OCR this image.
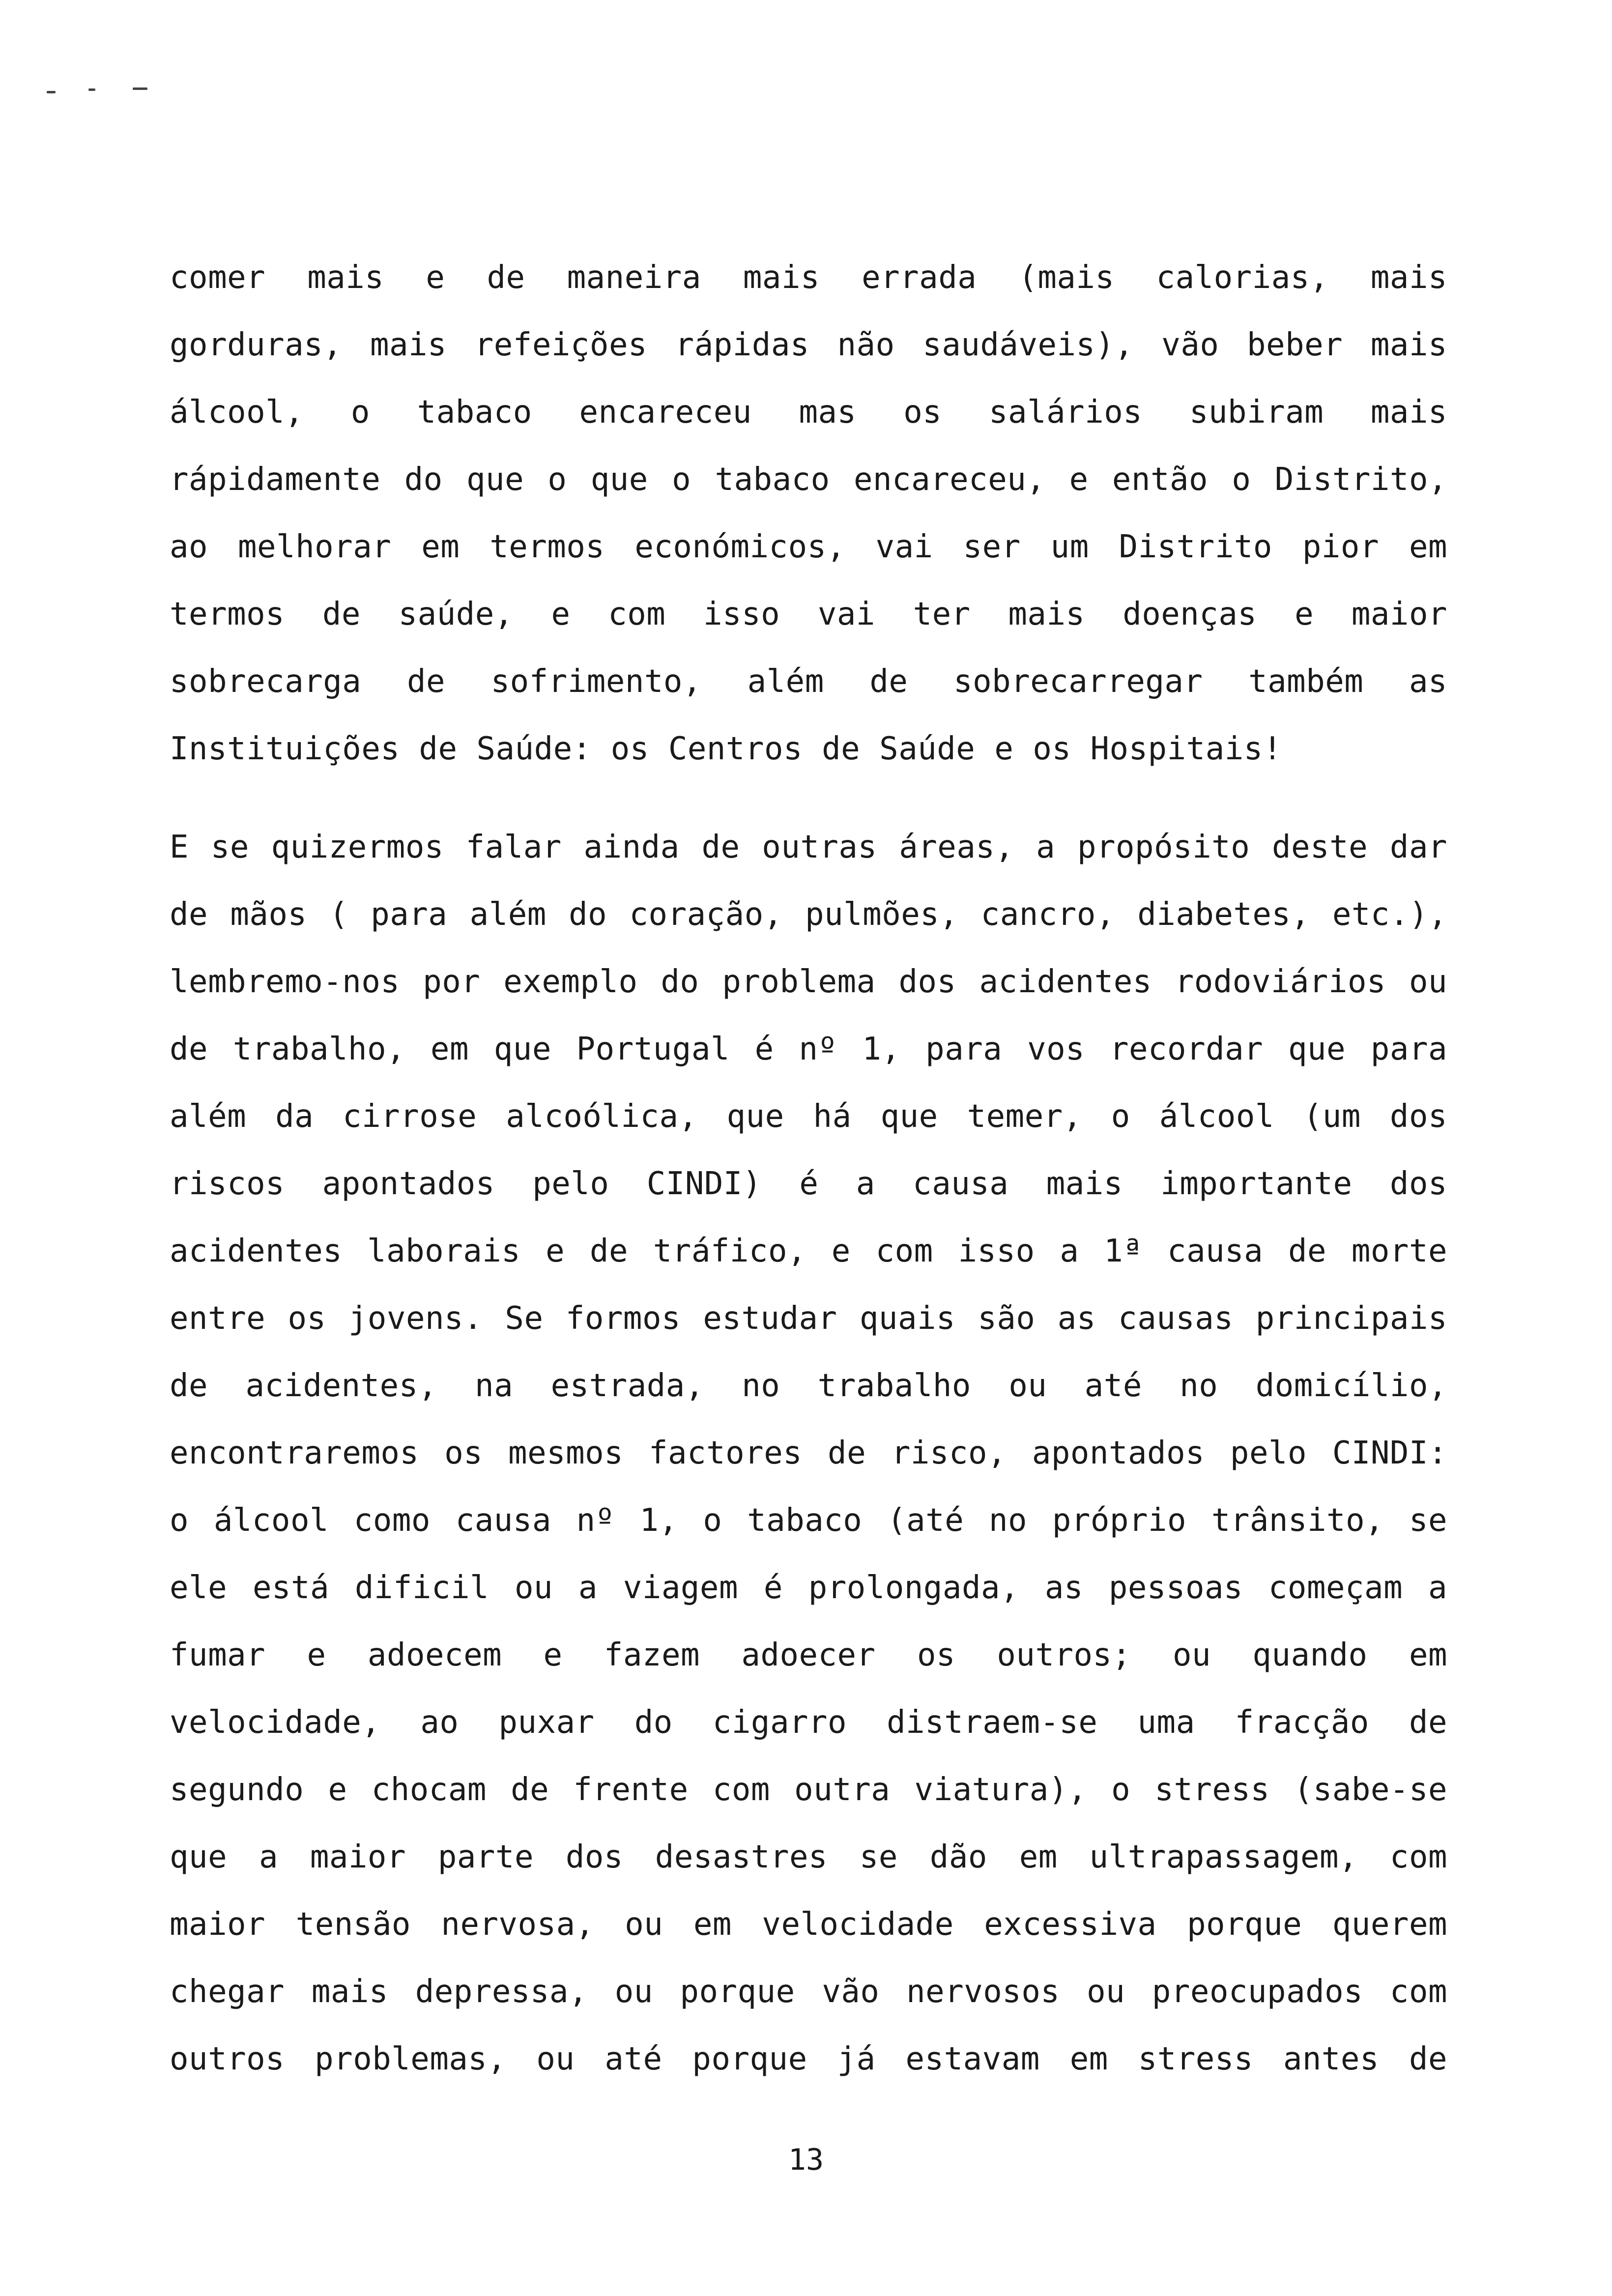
comer mais e de maneira mais errada (mais calorias, mais
gorduras, mais refeições rápidas não saudáveis), vão beber mais
álcool, o tabaco encareceu mas os salários subiram mais
rápidamente do que o que o tabaco encareceu, e então o Distrito,
ao melhorar em termos económicos, vai ser um Distrito pior em
termos de saúde, e com isso vai ter mais doenças e maior
sobrecarga de sofrimento, além de sobrecarregar também as
Instituições de Saúde: os Centros de Saúde e os Hospitais!
E se quizermos falar ainda de outras áreas, a propósito deste dar
de mãos ( para além do coração, pulmões, cancro, diabetes, etc.),
lembremo-nos por exemplo do problema dos acidentes rodoviários ou
de trabalho, em que Portugal é nº 1, para vos recordar que para
além da cirrose alcoólica, que há que temer, o álcool (um dos
riscos apontados pelo CINDI) é a causa mais importante dos
acidentes laborais e de tráfico, e com isso a 1ª causa de morte
entre os jovens. Se formos estudar quais são as causas principais
de acidentes, na estrada, no trabalho ou até no domicílio,
encontraremos os mesmos factores de risco, apontados pelo CINDI:
o álcool como causa nº 1, o tabaco (até no próprio trânsito, se
ele está dificil ou a viagem é prolongada, as pessoas começam a
fumar e adoecem e fazem adoecer os outros; ou quando em
velocidade, ao puxar do cigarro distraem-se uma fracção de
segundo e chocam de frente com outra viatura), o stress (sabe-se
que a maior parte dos desastres se dão em ultrapassagem, com
maior tensão nervosa, ou em velocidade excessiva porque querem
chegar mais depressa, ou porque vão nervosos ou preocupados com
outros problemas, ou até porque já estavam em stress antes de
13
